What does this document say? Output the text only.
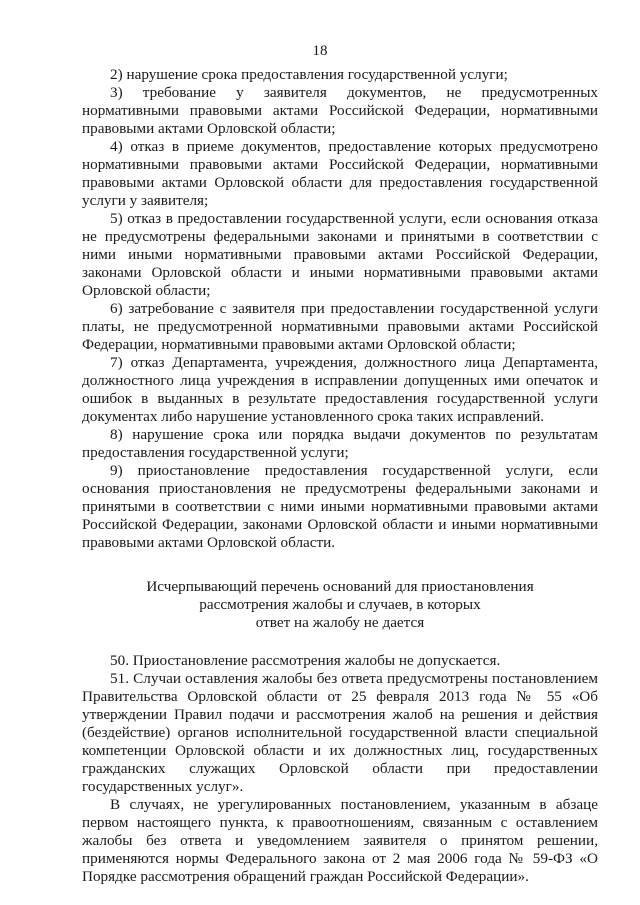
18

2) нарушение срока предоставления государственной услуги;

3) требование у заявителя документов, не предусмотренных нормативными правовыми актами Российской Федерации, нормативными правовыми актами Орловской области;

4) отказ в приеме документов, предоставление которых предусмотрено нормативными правовыми актами Российской Федерации, нормативными правовыми актами Орловской области для предоставления государственной услуги у заявителя;

5) отказ в предоставлении государственной услуги, если основания отказа не предусмотрены федеральными законами и принятыми в соответствии с ними иными нормативными правовыми актами Российской Федерации, законами Орловской области и иными нормативными правовыми актами Орловской области;

6) затребование с заявителя при предоставлении государственной услуги платы, не предусмотренной нормативными правовыми актами Российской Федерации, нормативными правовыми актами Орловской области;

7) отказ Департамента, учреждения, должностного лица Департамента, должностного лица учреждения в исправлении допущенных ими опечаток и ошибок в выданных в результате предоставления государственной услуги документах либо нарушение установленного срока таких исправлений.

8) нарушение срока или порядка выдачи документов по результатам предоставления государственной услуги;

9) приостановление предоставления государственной услуги, если основания приостановления не предусмотрены федеральными законами и принятыми в соответствии с ними иными нормативными правовыми актами Российской Федерации, законами Орловской области и иными нормативными правовыми актами Орловской области.

Исчерпывающий перечень оснований для приостановления
рассмотрения жалобы и случаев, в которых
ответ на жалобу не дается

50. Приостановление рассмотрения жалобы не допускается.

51. Случаи оставления жалобы без ответа предусмотрены постановлением Правительства Орловской области от 25 февраля 2013 года № 55 «Об утверждении Правил подачи и рассмотрения жалоб на решения и действия (бездействие) органов исполнительной государственной власти специальной компетенции Орловской области и их должностных лиц, государственных гражданских служащих Орловской области при предоставлении государственных услуг».

В случаях, не урегулированных постановлением, указанным в абзаце первом настоящего пункта, к правоотношениям, связанным с оставлением жалобы без ответа и уведомлением заявителя о принятом решении, применяются нормы Федерального закона от 2 мая 2006 года № 59-ФЗ «О Порядке рассмотрения обращений граждан Российской Федерации».
